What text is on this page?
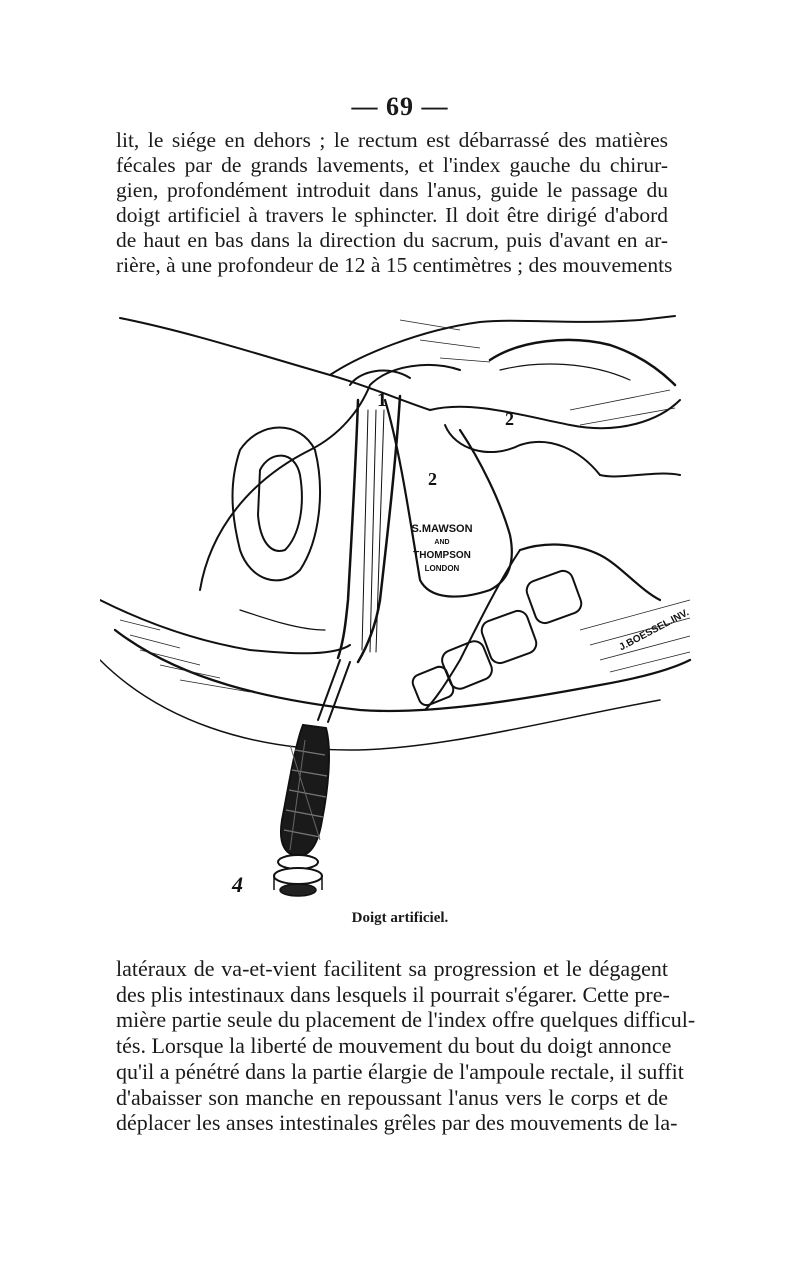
— 69 —

lit, le siége en dehors ; le rectum est débarrassé des matières
fécales par de grands lavements, et l'index gauche du chirur-
gien, profondément introduit dans l'anus, guide le passage du
doigt artificiel à travers le sphincter. Il doit être dirigé d'abord
de haut en bas dans la direction du sacrum, puis d'avant en ar-
rière, à une profondeur de 12 à 15 centimètres ; des mouvements

1
2
2
4
S.MAWSON
AND
THOMPSON
LONDON
J.BOESSEL.INV.
Doigt artificiel.

latéraux de va-et-vient facilitent sa progression et le dégagent
des plis intestinaux dans lesquels il pourrait s'égarer. Cette pre-
mière partie seule du placement de l'index offre quelques difficul-
tés. Lorsque la liberté de mouvement du bout du doigt annonce
qu'il a pénétré dans la partie élargie de l'ampoule rectale, il suffit
d'abaisser son manche en repoussant l'anus vers le corps et de
déplacer les anses intestinales grêles par des mouvements de la-
